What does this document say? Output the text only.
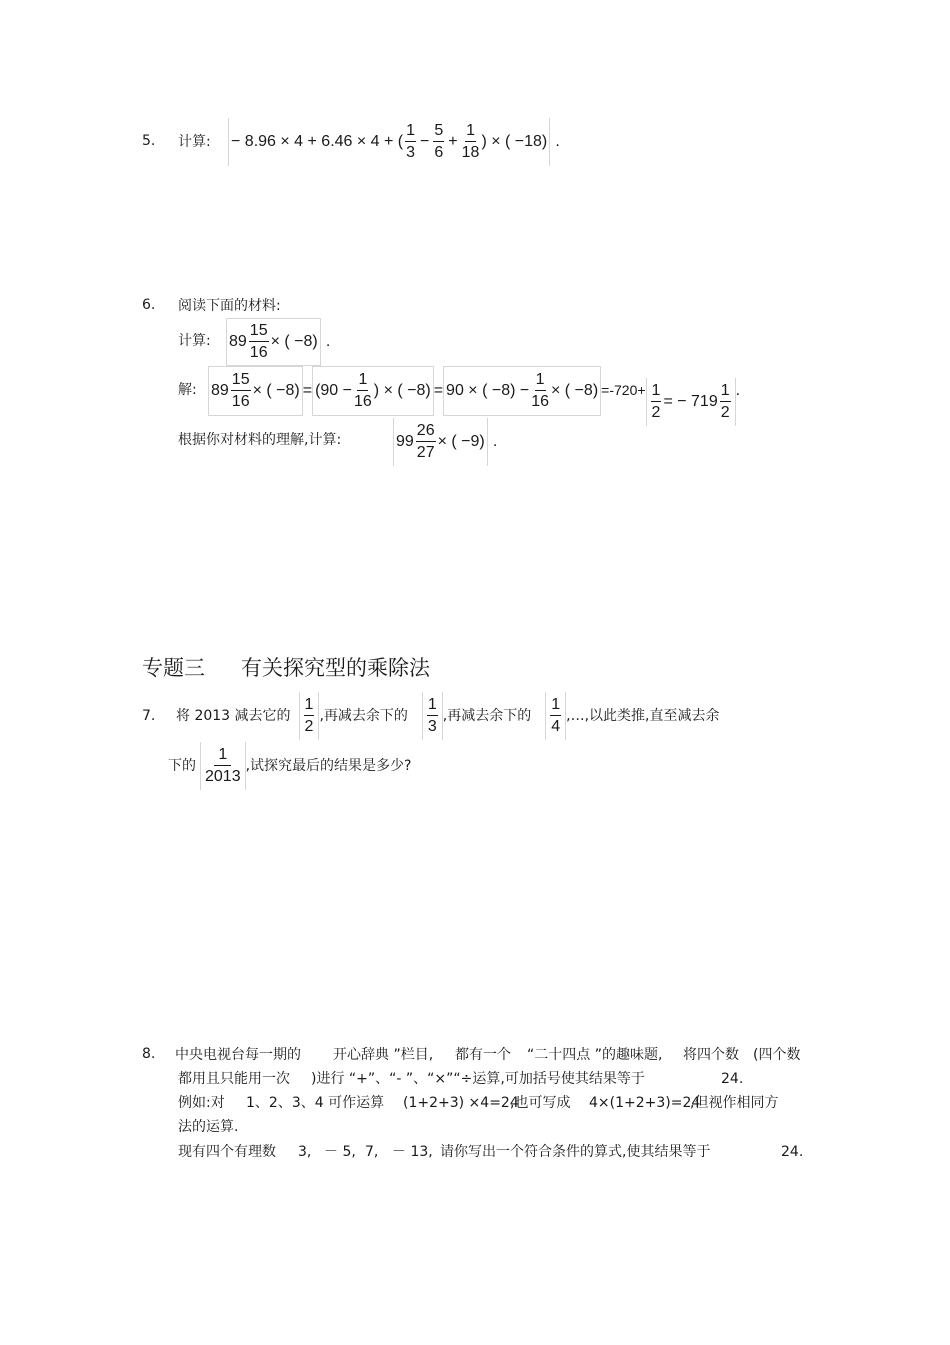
5. 计算: − 8.96 × 4 + 6.46 × 4 + ( $\frac{1}{3} - \frac{5}{6} + \frac{1}{18}$ ) × ( −18) .
6. 阅读下面的材料:
计算: $89 \frac{15}{16}$ × ( −8) .
解: $89 \frac{15}{16}$ × ( $-8) = (90 - \frac{1}{16}$ ) × ( −8) = 90 × ( $-8) - \frac{1}{16}$ × ( $-8) =-720+ \frac{1}{2}$ = − $719 \frac{1}{2}$ .
根据你对材料的理解,计算:	$99 \frac{26}{27}$ × ( −9) .
专题三 有关探究型的乘除法
7. 将 2013 减去它的 $\frac{1}{2}$ ,再减去余下的 $\frac{1}{3}$ ,再减去余下的 $\frac{1}{4}$ ,…,以此类推,直至减去余
下的 $\frac{1}{2013}$ ,试探究最后的结果是多少?
8. 中央电视台每一期的 开心辞典 ”栏目, 都有一个 “二十四点 ”的趣味题, 将四个数 (四个数
都用且只能用一次 )进行 “+”、“- ”、“×”“÷运算,可加括号使其结果等于	24.
例如:对 1、2、3、4 可作运算 (1+2+3) ×4=24
,也可写成 4×(1+2+3)=24
,但视作相同方
法的运算.
现有四个有理数 3, － 5, 7, － 13, 请你写出一个符合条件的算式,使其结果等于	24.
